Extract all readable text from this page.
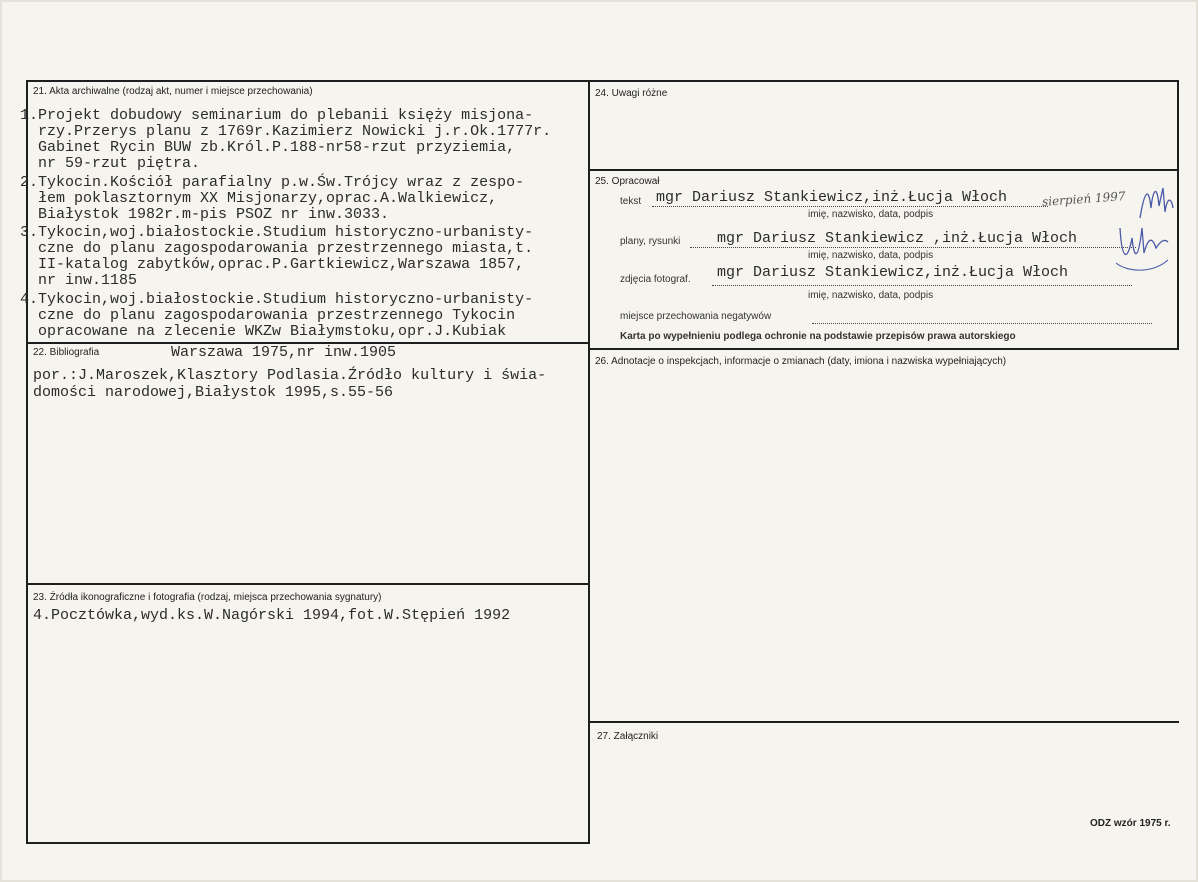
21. Akta archiwalne (rodzaj akt, numer i miejsce przechowania)
1.Projekt dobudowy seminarium do plebanii księży misjona-
rzy.Przerys planu z 1769r.Kazimierz Nowicki j.r.Ok.1777r.
Gabinet Rycin BUW zb.Król.P.188-nr58-rzut przyziemia,
nr 59-rzut piętra.
2.Tykocin.Kościół parafialny p.w.Św.Trójcy wraz z zespo-
łem poklasztornym XX Misjonarzy,oprac.A.Walkiewicz,
Białystok 1982r.m-pis PSOZ nr inw.3033.
3.Tykocin,woj.białostockie.Studium historyczno-urbanisty-
czne do planu zagospodarowania przestrzennego miasta,t.
II-katalog zabytków,oprac.P.Gartkiewicz,Warszawa 1857,
nr inw.1185
4.Tykocin,woj.białostockie.Studium historyczno-urbanisty-
czne do planu zagospodarowania przestrzennego Tykocin
opracowane na zlecenie WKZw Białymstoku,opr.J.Kubiak
Warszawa 1975,nr inw.1905
22. Bibliografia
por.:J.Maroszek,Klasztory Podlasia.Źródło kultury i świa-
domości narodowej,Białystok 1995,s.55-56
23. Źródła ikonograficzne i fotografia (rodzaj, miejsca przechowania sygnatury)
4.Pocztówka,wyd.ks.W.Nagórski 1994,fot.W.Stępień 1992
24. Uwagi różne
25. Opracował
tekst mgr Dariusz Stankiewicz,inż.Łucja Włoch	sierpień 1997
imię, nazwisko, data, podpis
plany, rysunki mgr Dariusz Stankiewicz ,inż.Łucja Włoch
imię, nazwisko, data, podpis
zdjęcia fotograf. mgr Dariusz Stankiewicz,inż.Łucja Włoch
imię, nazwisko, data, podpis
miejsce przechowania negatywów
Karta po wypełnieniu podlega ochronie na podstawie przepisów prawa autorskiego
26. Adnotacje o inspekcjach, informacje o zmianach (daty, imiona i nazwiska wypełniających)
27. Załączniki
ODZ wzór 1975 r.
